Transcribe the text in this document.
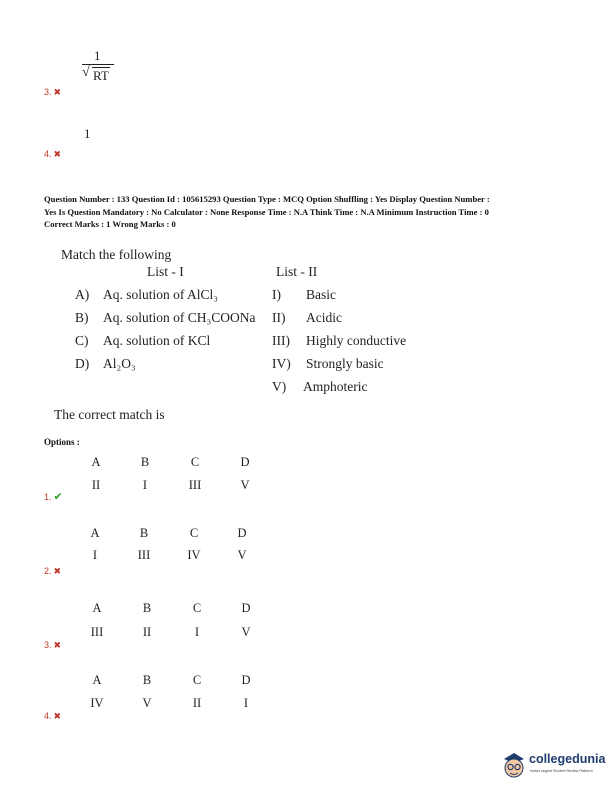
1
√ RT
3. ✖
1
4. ✖
Question Number : 133 Question Id : 105615293 Question Type : MCQ Option Shuffling : Yes Display Question Number :
Yes Is Question Mandatory : No Calculator : None Response Time : N.A Think Time : N.A Minimum Instruction Time : 0
Correct Marks : 1 Wrong Marks : 0
Match the following
List - I	List - II
A) Aq. solution of AlCl₃
B) Aq. solution of CH₃COONa
C) Aq. solution of KCl
D) Al₂O₃
I) Basic
II) Acidic
III) Highly conductive
IV) Strongly basic
V) Amphoteric
The correct match is
Options :
A	B	C	D
II	I	III	V
1. ✔
A	B	C	D
I	III	IV	V
2. ✖
A	B	C	D
III	II	I	V
3. ✖
A	B	C	D
IV	V	II	I
4. ✖
collegedunia
India's largest Student Review Platform
